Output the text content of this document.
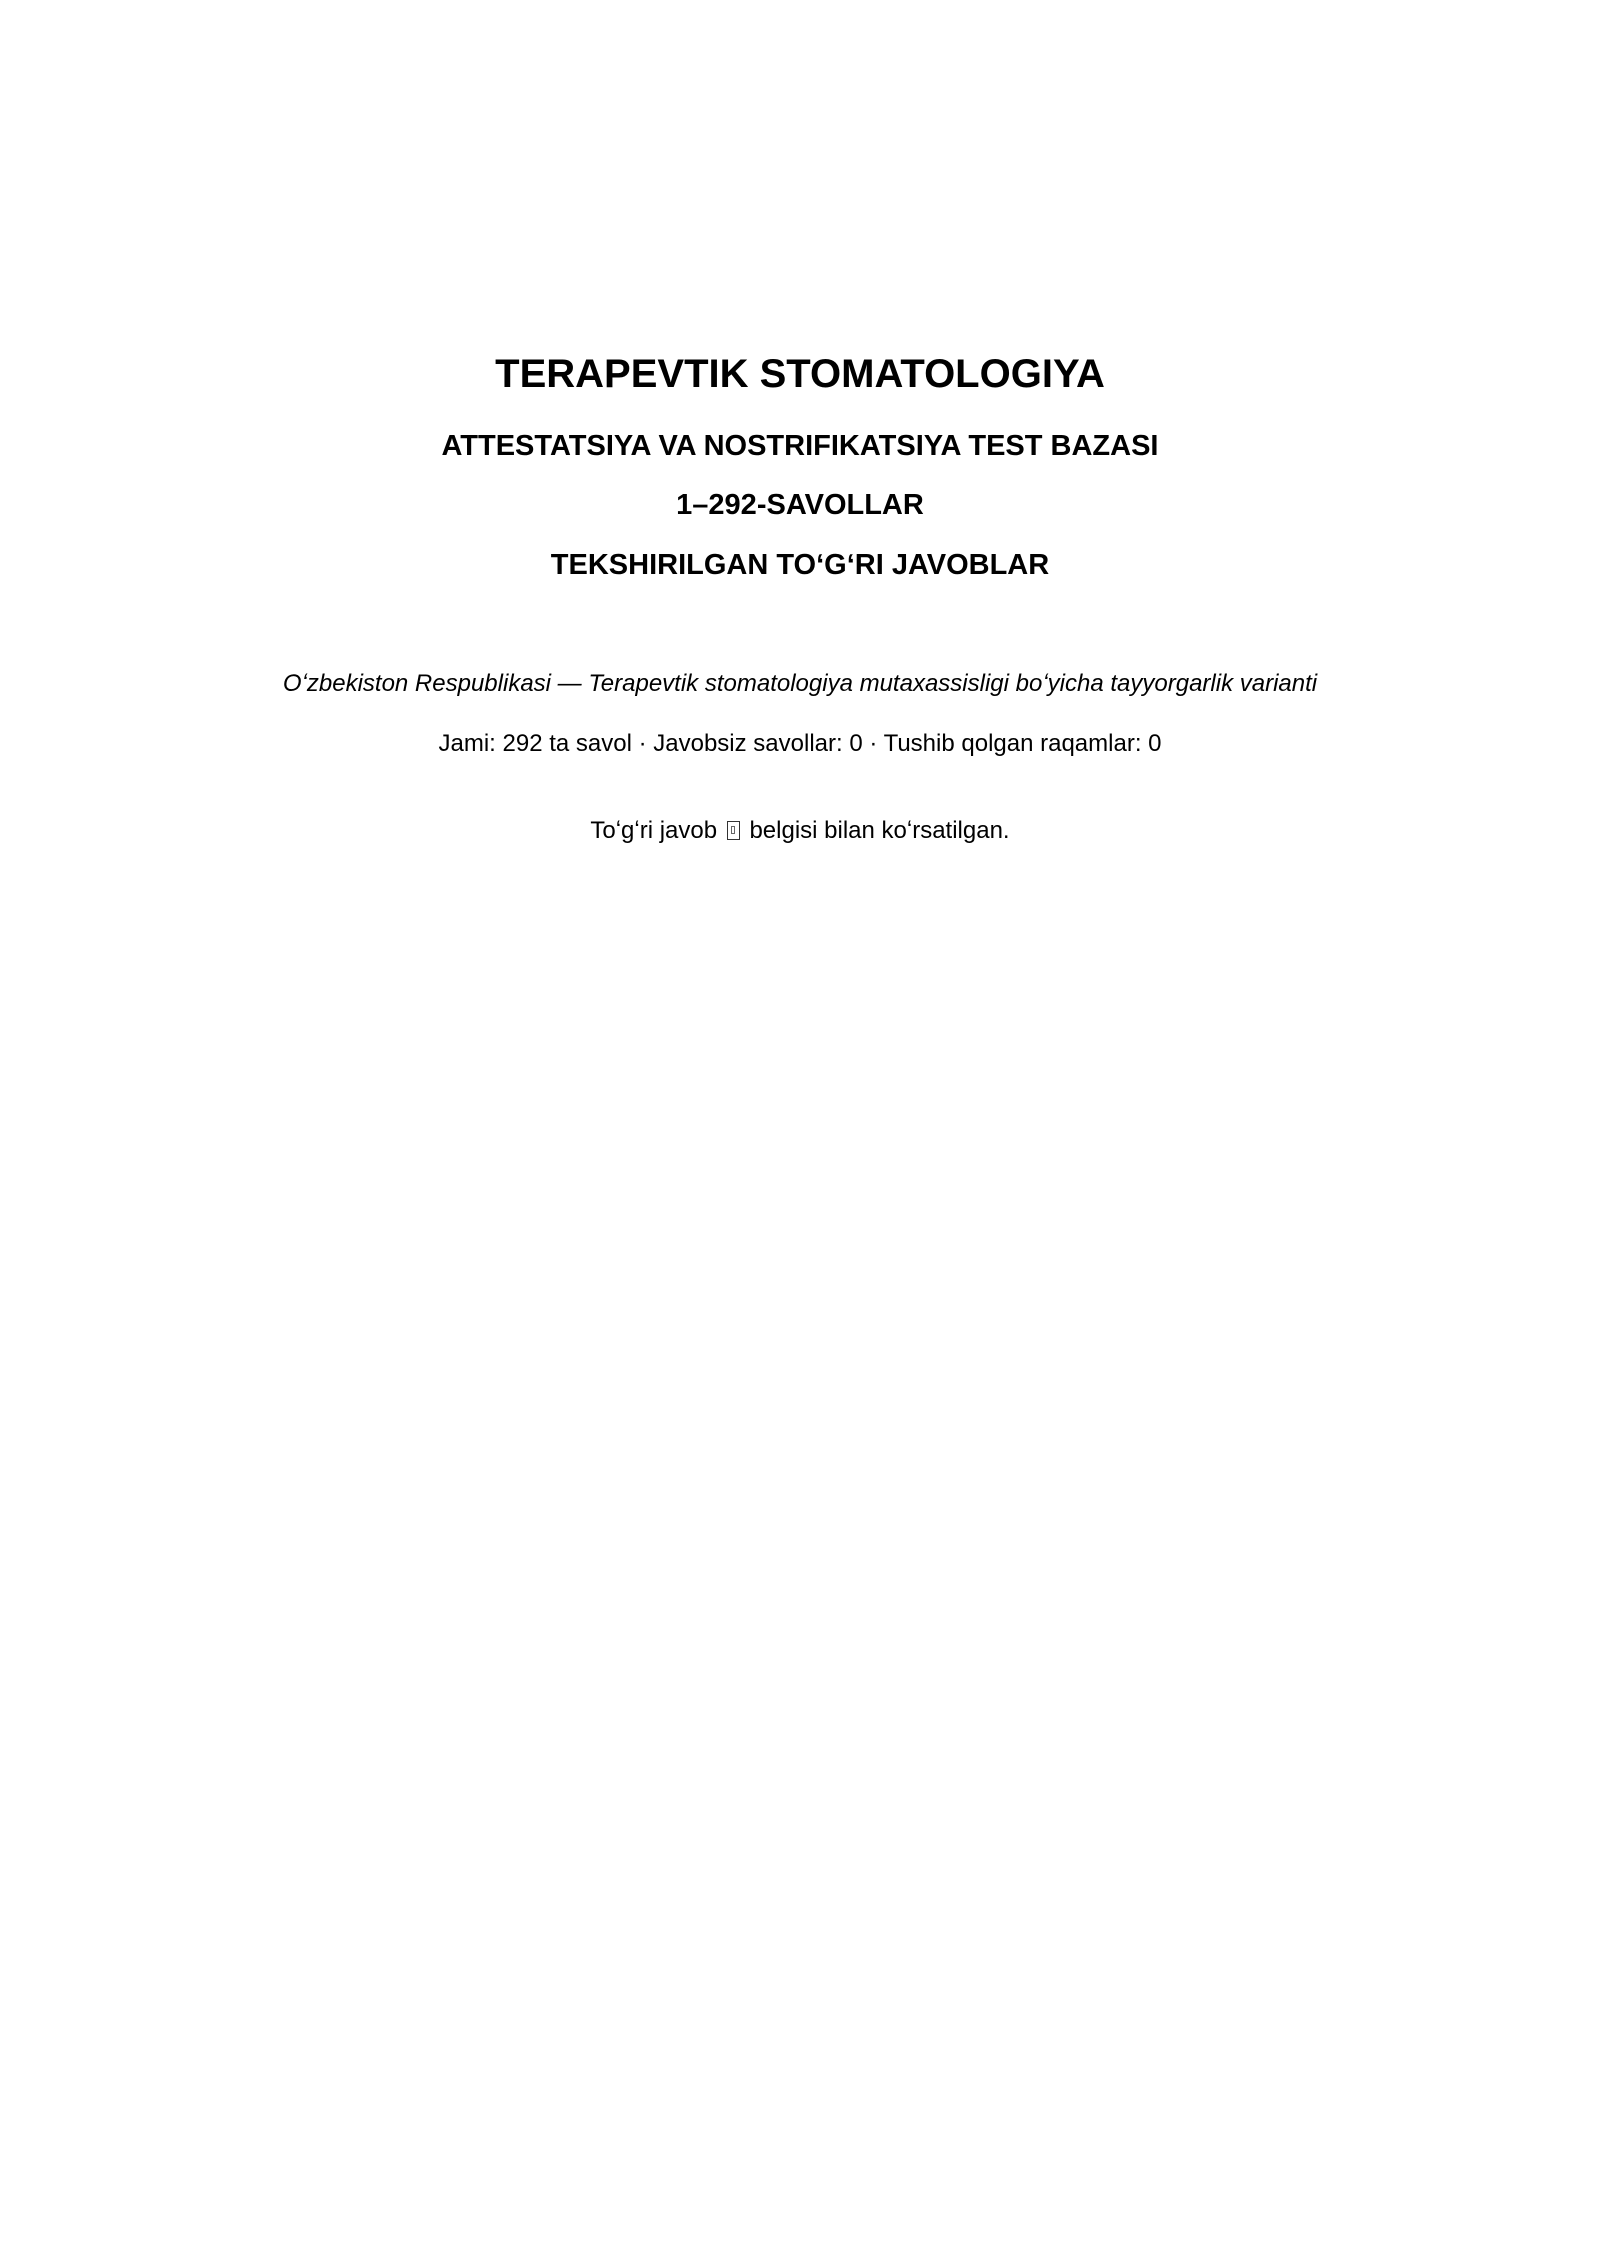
TERAPEVTIK STOMATOLOGIYA
ATTESTATSIYA VA NOSTRIFIKATSIYA TEST BAZASI
1–292-SAVOLLAR
TEKSHIRILGAN TOʻGʻRI JAVOBLAR
Oʻzbekiston Respublikasi — Terapevtik stomatologiya mutaxassisligi boʻyicha tayyorgarlik varianti
Jami: 292 ta savol · Javobsiz savollar: 0 · Tushib qolgan raqamlar: 0
Toʻgʻri javob belgisi bilan koʻrsatilgan.
